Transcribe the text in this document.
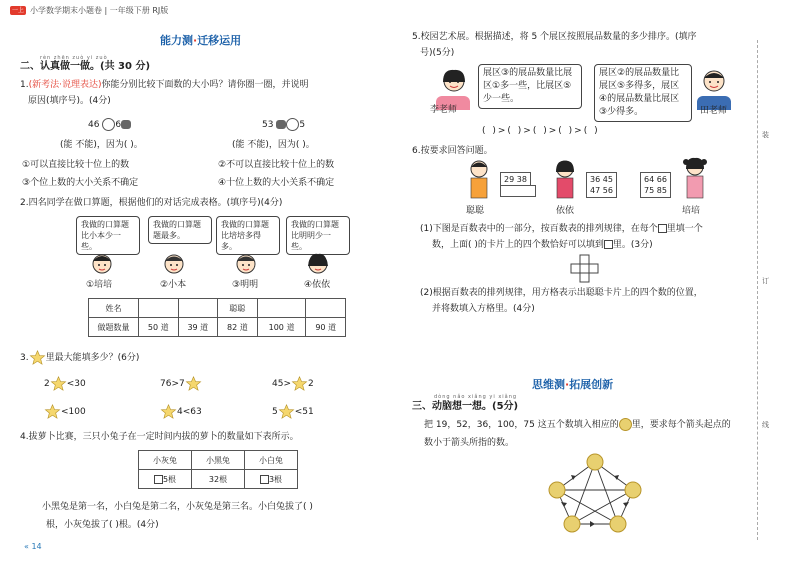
一上 小学数学期末小题卷 | 一年级下册 RJ版
能力测·迁移运用
rèn zhēn zuò yi zuò
二、认真做一做。(共 30 分)
1.(新考法·说理表达)你能分别比较下面数的大小吗？请你圈一圈，并说明
原因(填序号)。(4分)
46 6	53	5
(能 不能)，因为( )。	(能 不能)，因为( )。
①可以直接比较十位上的数	②不可以直接比较十位上的数
③个位上数的大小关系不确定	④十位上数的大小关系不确定
2.四名同学在做口算题，根据他们的对话完成表格。(填序号)(4分)
我做的口算题比小本少一些。
我做的口算题题最多。
我做的口算题比培培多得多。
我做的口算题比明明少一些。
①培培	②小本	③明明	④依依
姓名			聪聪		
做题数量	50 道	39 道	82 道	100 道	90 道
3. 里最大能填多少？(6分)
2 <30	76>7	45> 2
<100	4<63	5 <51
4.拔萝卜比赛，三只小兔子在一定时间内拔的萝卜的数量如下表所示。
小灰兔	小黑兔	小白兔
5根	32根	3根
小黑兔是第一名，小白兔是第二名，小灰兔是第三名。小白兔拔了( )
根，小灰兔拔了( )根。(4分)
« 14
5.校园艺术展。根据描述，将 5 个展区按照展品数量的多少排序。(填序
号)(5分)
李老师
展区③的展品数量比展区①多一些，比展区⑤少一些。
展区②的展品数量比展区⑤多得多，展区④的展品数量比展区③少得多。	田老师
( )>( )>( )>( )>( )
6.按要求回答问题。
29 38
聪聪
36 45
47 56
依依
64 66
75 85
培培
(1)下图是百数表中的一部分，按百数表的排列规律，在每个 里填一个
数，上面( )的卡片上的四个数恰好可以填到 里。(3分)
(2)根据百数表的排列规律，用方格表示出聪聪卡片上的四个数的位置，
并将数填入方格里。(4分)
思维测·拓展创新
dòng nǎo xiǎng yi xiǎng
三、动脑想一想。(5分)
把 19，52，36，100，75 这五个数填入相应的 里，要求每个箭头起点的
数小于箭头所指的数。
装
订
线
